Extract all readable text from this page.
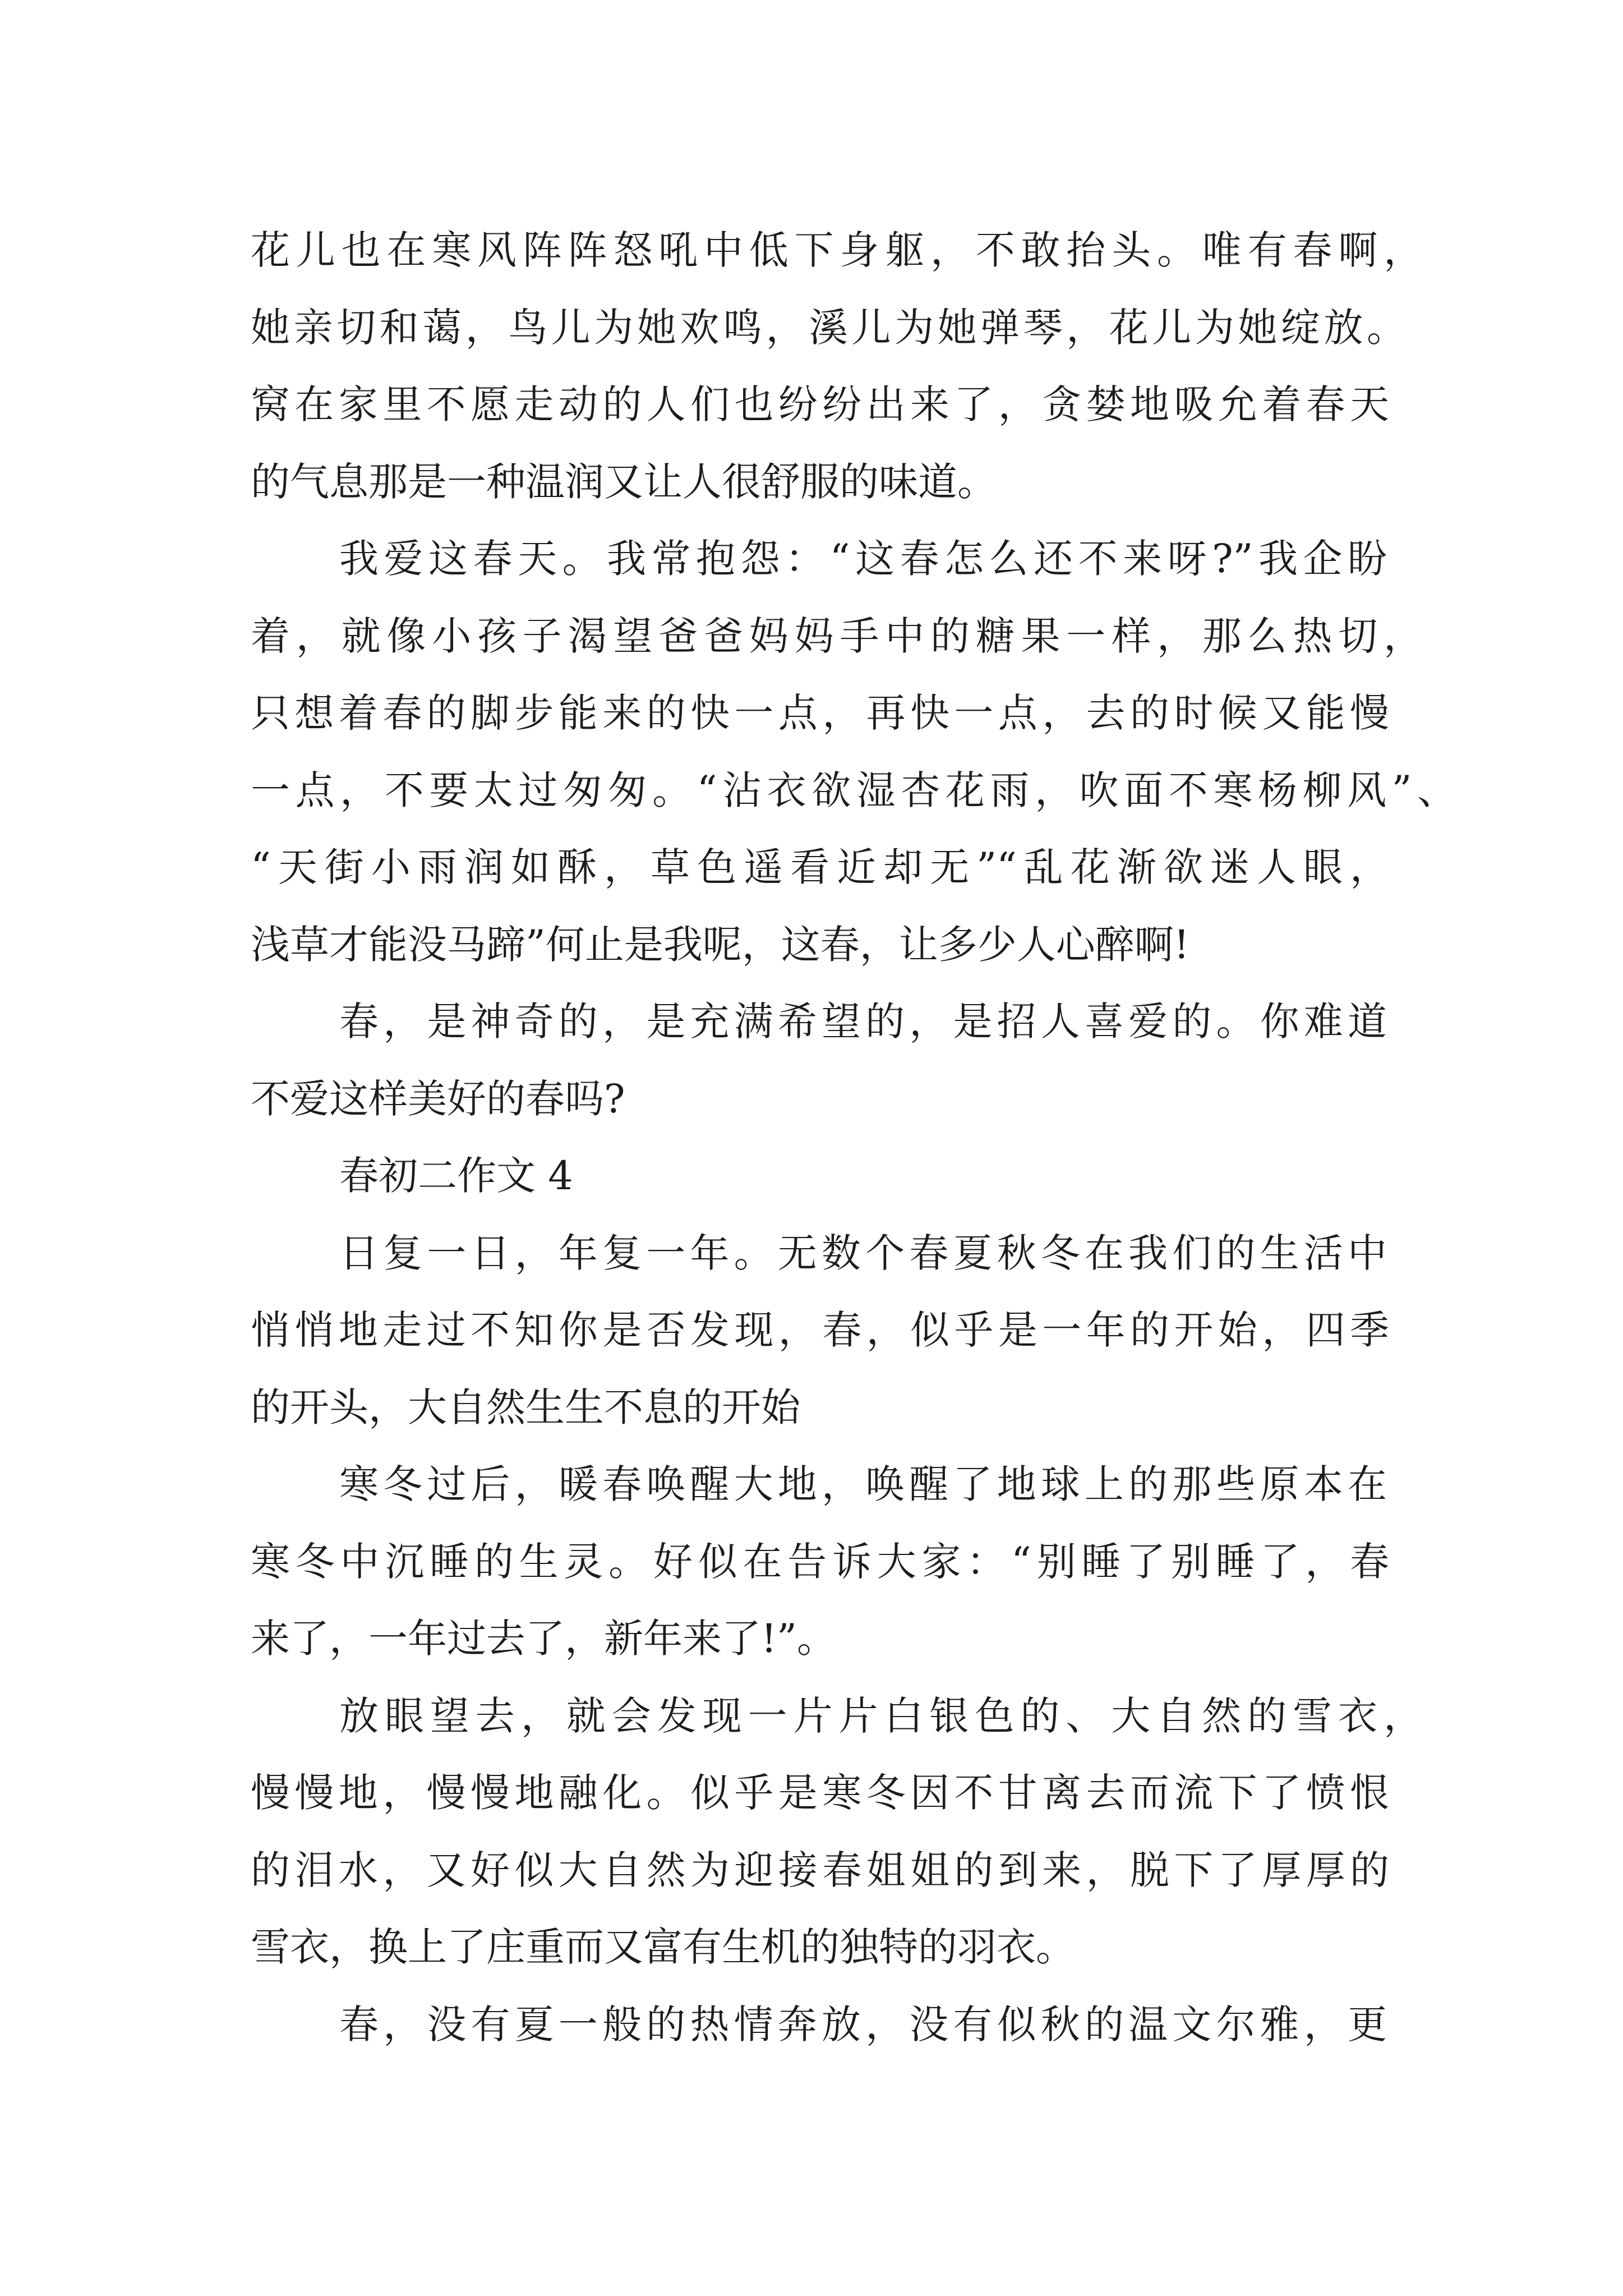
花儿也在寒风阵阵怒吼中低下身躯，不敢抬头。唯有春啊，
她亲切和蔼，鸟儿为她欢鸣，溪儿为她弹琴，花儿为她绽放。
窝在家里不愿走动的人们也纷纷出来了，贪婪地吸允着春天
的气息那是一种温润又让人很舒服的味道。
我爱这春天。我常抱怨：“这春怎么还不来呀?”我企盼
着，就像小孩子渴望爸爸妈妈手中的糖果一样，那么热切，
只想着春的脚步能来的快一点，再快一点，去的时候又能慢
一点，不要太过匆匆。“沾衣欲湿杏花雨，吹面不寒杨柳风”、
“天街小雨润如酥，草色遥看近却无”“乱花渐欲迷人眼，
浅草才能没马蹄”何止是我呢，这春，让多少人心醉啊!
春，是神奇的，是充满希望的，是招人喜爱的。你难道
不爱这样美好的春吗?
春初二作文 4
日复一日，年复一年。无数个春夏秋冬在我们的生活中
悄悄地走过不知你是否发现，春，似乎是一年的开始，四季
的开头，大自然生生不息的开始
寒冬过后，暖春唤醒大地，唤醒了地球上的那些原本在
寒冬中沉睡的生灵。好似在告诉大家：“别睡了别睡了，春
来了，一年过去了，新年来了!”。
放眼望去，就会发现一片片白银色的、大自然的雪衣，
慢慢地，慢慢地融化。似乎是寒冬因不甘离去而流下了愤恨
的泪水，又好似大自然为迎接春姐姐的到来，脱下了厚厚的
雪衣，换上了庄重而又富有生机的独特的羽衣。
春，没有夏一般的热情奔放，没有似秋的温文尔雅，更
